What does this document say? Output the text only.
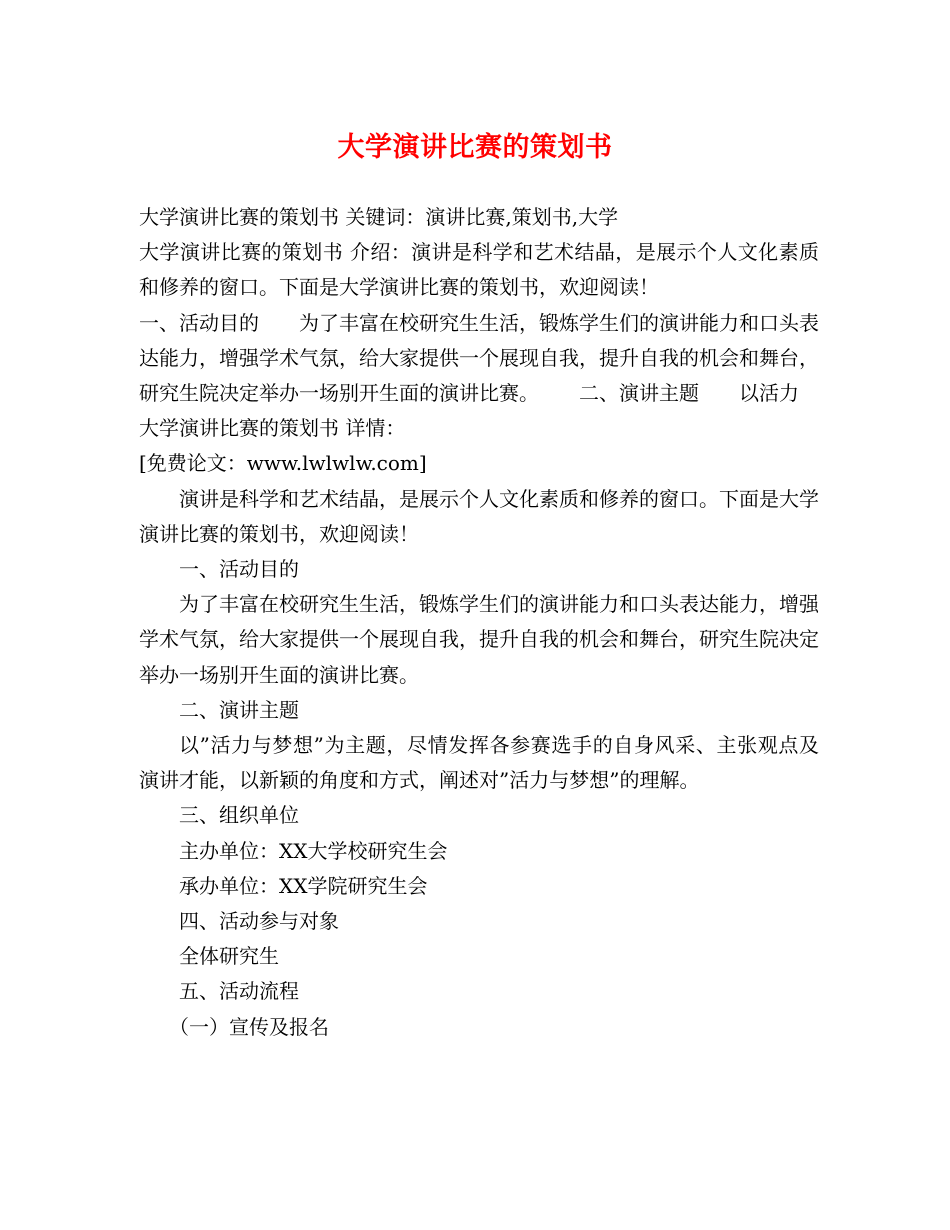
大学演讲比赛的策划书

大学演讲比赛的策划书 关键词：演讲比赛,策划书,大学

大学演讲比赛的策划书 介绍：演讲是科学和艺术结晶，是展示个人文化素质和修养的窗口。下面是大学演讲比赛的策划书，欢迎阅读！

一、活动目的 为了丰富在校研究生生活，锻炼学生们的演讲能力和口头表达能力，增强学术气氛，给大家提供一个展现自我，提升自我的机会和舞台，研究生院决定举办一场别开生面的演讲比赛。 二、演讲主题 以活力

大学演讲比赛的策划书 详情：

[免费论文：www.lwlwlw.com]

演讲是科学和艺术结晶，是展示个人文化素质和修养的窗口。下面是大学演讲比赛的策划书，欢迎阅读！

一、活动目的

为了丰富在校研究生生活，锻炼学生们的演讲能力和口头表达能力，增强学术气氛，给大家提供一个展现自我，提升自我的机会和舞台，研究生院决定举办一场别开生面的演讲比赛。

二、演讲主题

以”活力与梦想”为主题，尽情发挥各参赛选手的自身风采、主张观点及演讲才能，以新颖的角度和方式，阐述对”活力与梦想”的理解。

三、组织单位

主办单位：XX大学校研究生会

承办单位：XX学院研究生会

四、活动参与对象

全体研究生

五、活动流程

（一）宣传及报名
